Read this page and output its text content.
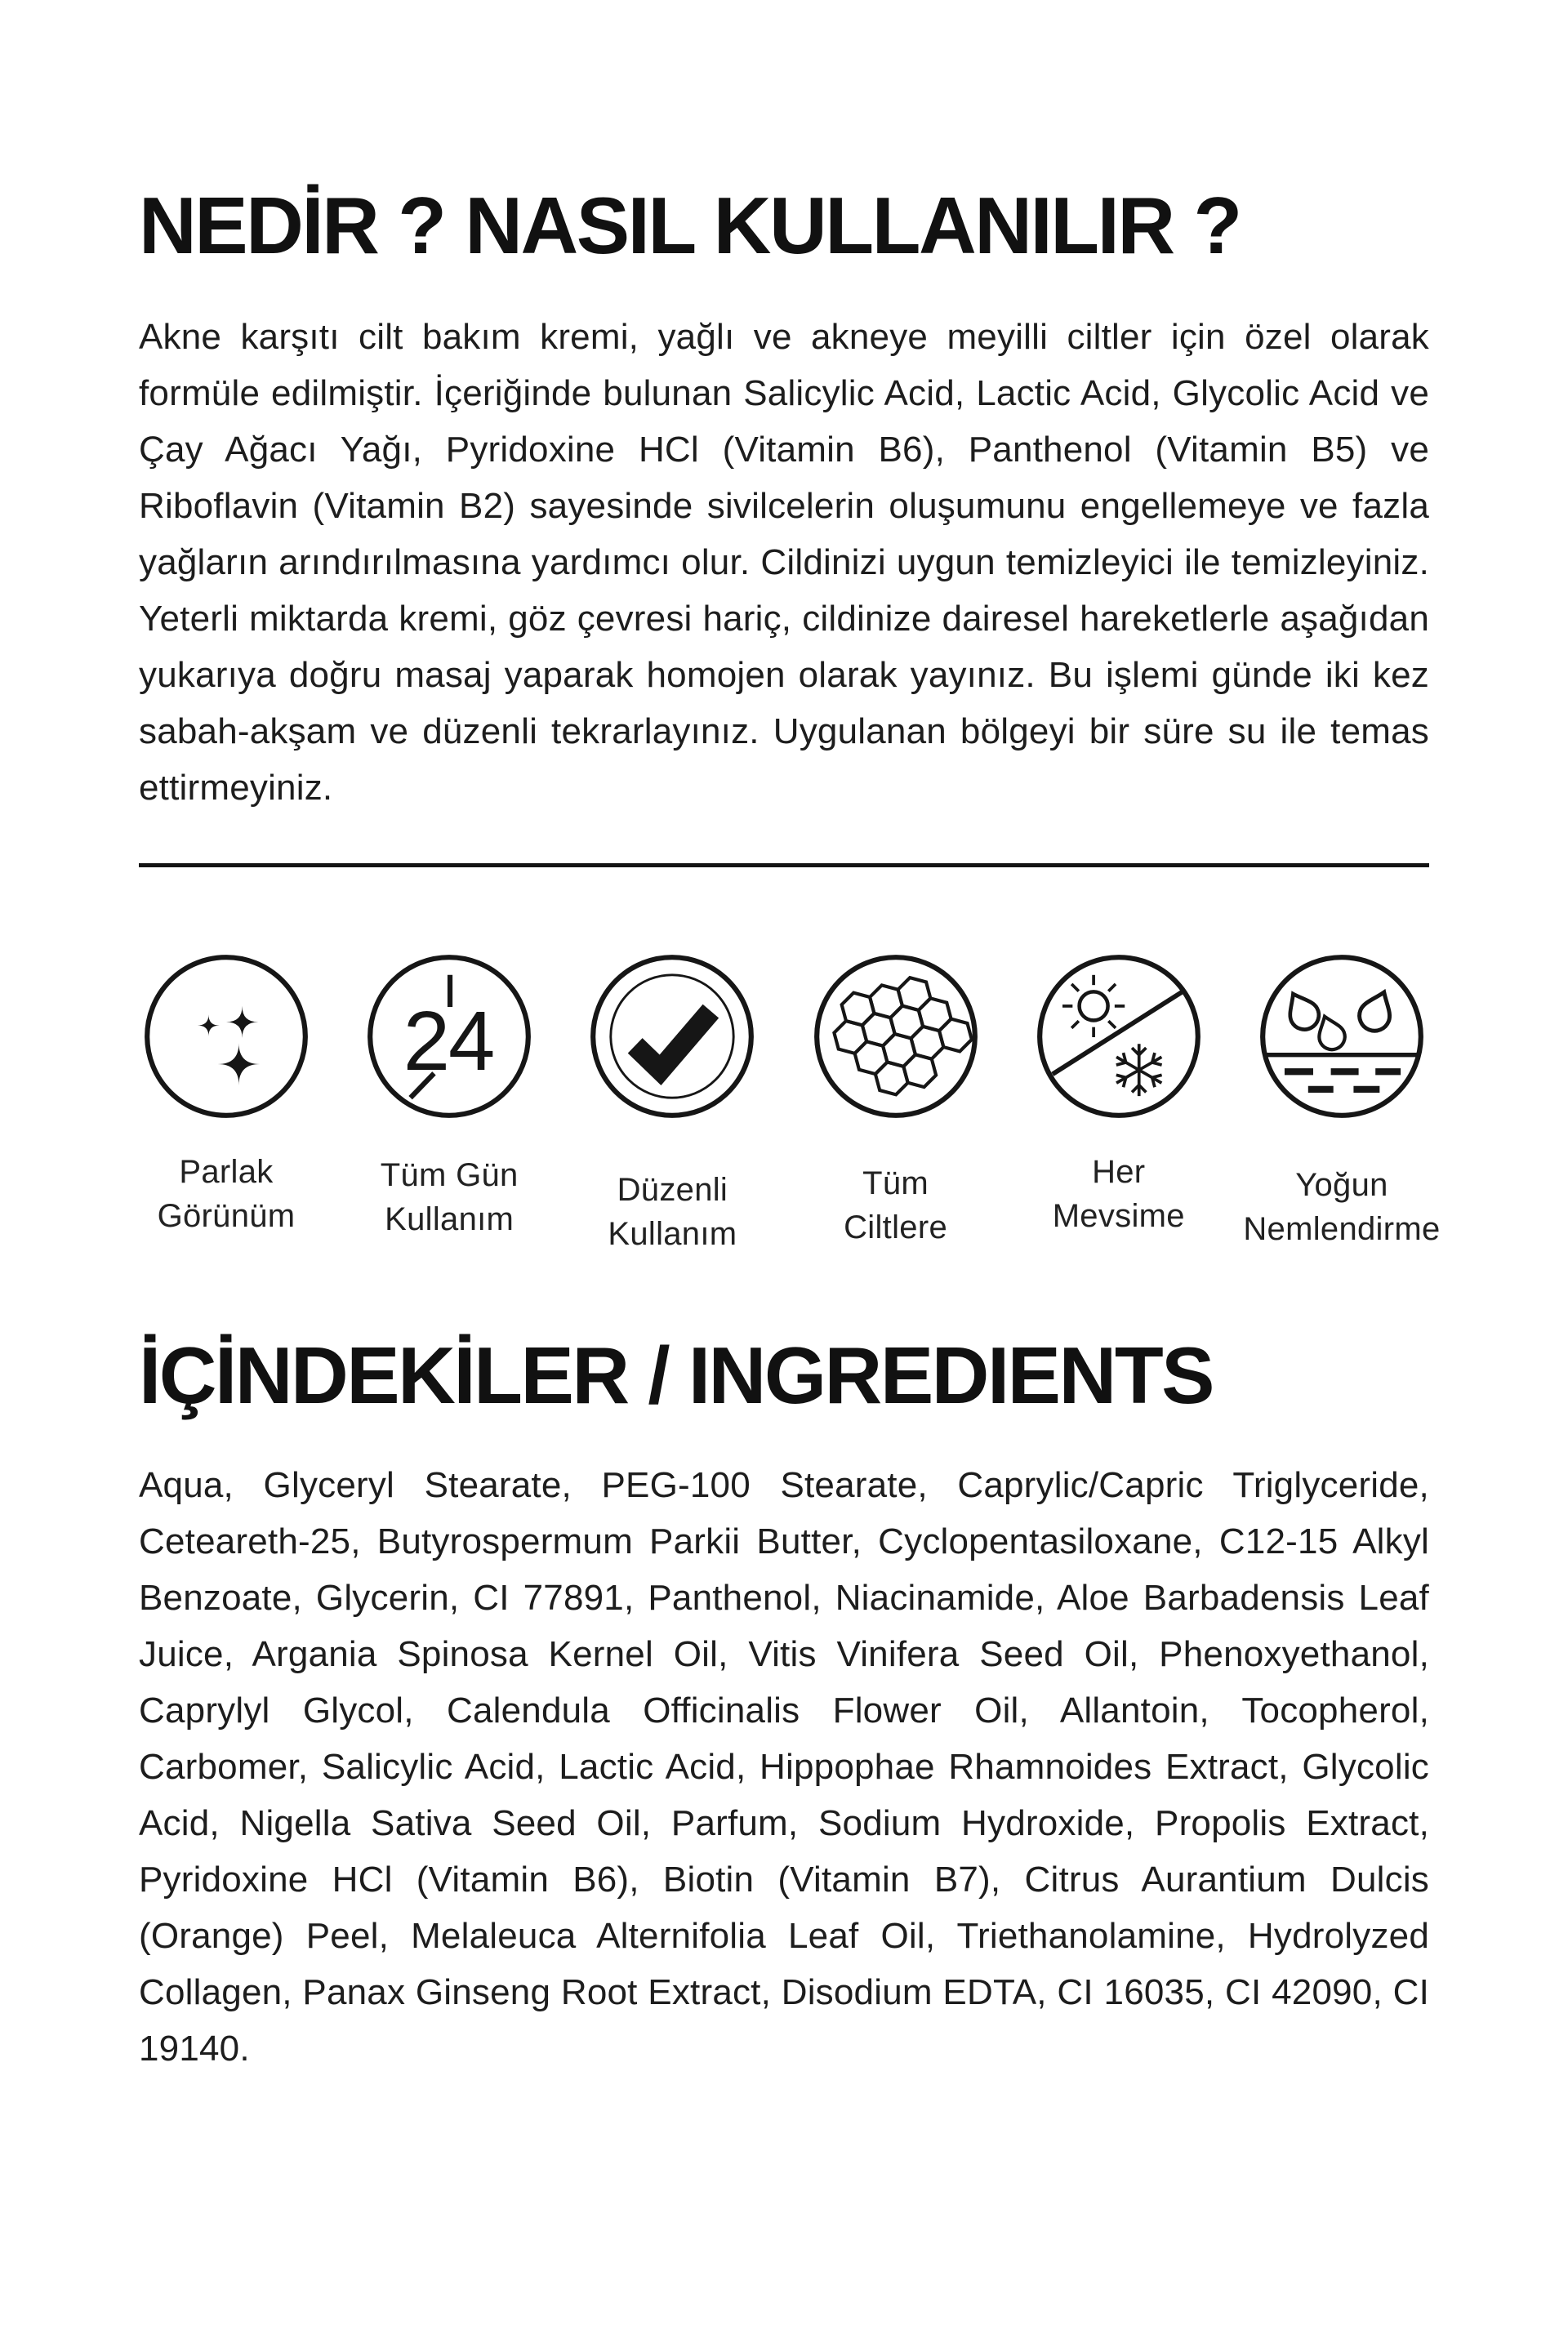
NEDİR ? NASIL KULLANILIR ?

Akne karşıtı cilt bakım kremi, yağlı ve akneye meyilli ciltler için özel olarak formüle edilmiştir. İçeriğinde bulunan Salicylic Acid, Lactic Acid, Glycolic Acid ve Çay Ağacı Yağı, Pyridoxine HCl (Vitamin B6), Panthenol (Vitamin B5) ve Riboflavin (Vitamin B2) sayesinde sivilcelerin oluşumunu engellemeye ve fazla yağların arındırılmasına yardımcı olur. Cildinizi uygun temizleyici ile temizleyiniz. Yeterli miktarda kremi, göz çevresi hariç, cildinize dairesel hareketlerle aşağıdan yukarıya doğru masaj yaparak homojen olarak yayınız. Bu işlemi günde iki kez sabah-akşam ve düzenli tekrarlayınız. Uygulanan bölgeyi bir süre su ile temas ettirmeyiniz.

Parlak
Görünüm
24
Tüm Gün
Kullanım
Düzenli
Kullanım
Tüm
Ciltlere
Her
Mevsime
Yoğun
Nemlendirme
İÇİNDEKİLER / INGREDIENTS

Aqua, Glyceryl Stearate, PEG-100 Stearate, Caprylic/Capric Triglyceride, Ceteareth-25, Butyrospermum Parkii Butter, Cyclopentasiloxane, C12-15 Alkyl Benzoate, Glycerin, CI 77891, Panthenol, Niacinamide, Aloe Barbadensis Leaf Juice, Argania Spinosa Kernel Oil, Vitis Vinifera Seed Oil, Phenoxyethanol, Caprylyl Glycol, Calendula Officinalis Flower Oil, Allantoin, Tocopherol, Carbomer, Salicylic Acid, Lactic Acid, Hippophae Rhamnoides Extract, Glycolic Acid, Nigella Sativa Seed Oil, Parfum, Sodium Hydroxide, Propolis Extract, Pyridoxine HCl (Vitamin B6), Biotin (Vitamin B7), Citrus Aurantium Dulcis (Orange) Peel, Melaleuca Alternifolia Leaf Oil, Triethanolamine, Hydrolyzed Collagen, Panax Ginseng Root Extract, Disodium EDTA, CI 16035, CI 42090, CI 19140.
